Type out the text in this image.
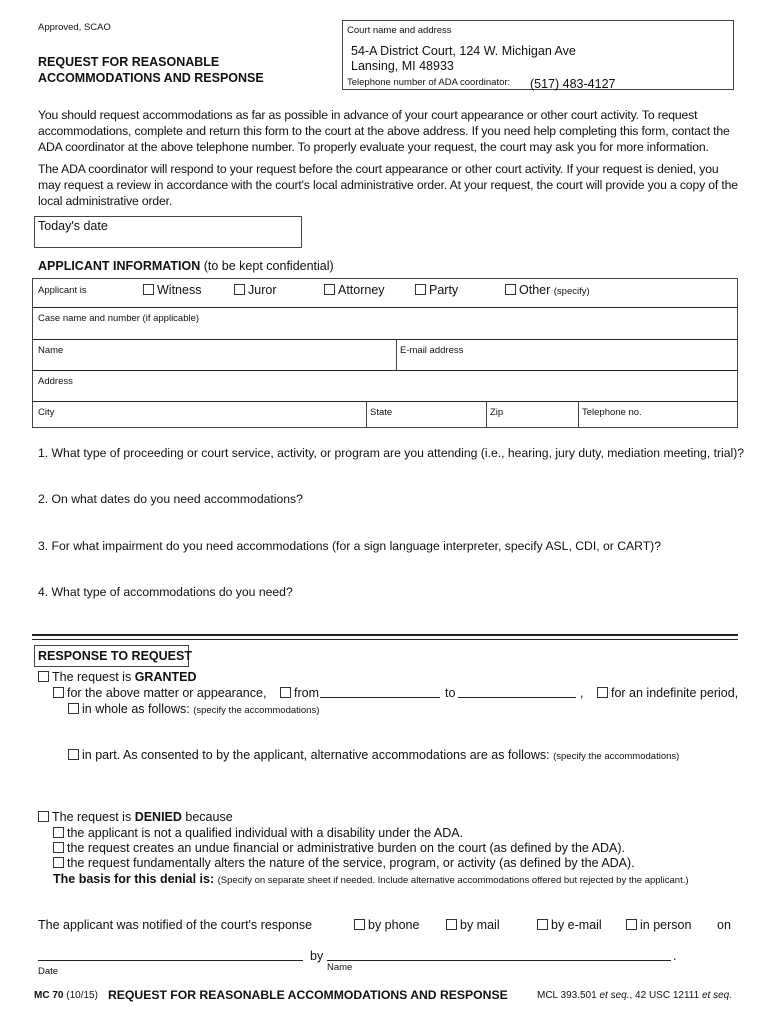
Approved, SCAO
REQUEST FOR REASONABLE
ACCOMMODATIONS AND RESPONSE
Court name and address
54-A District Court, 124 W. Michigan Ave
Lansing, MI 48933
Telephone number of ADA coordinator: (517) 483-4127
You should request accommodations as far as possible in advance of your court appearance or other court activity. To request accommodations, complete and return this form to the court at the above address. If you need help completing this form, contact the ADA coordinator at the above telephone number. To properly evaluate your request, the court may ask you for more information.
The ADA coordinator will respond to your request before the court appearance or other court activity. If your request is denied, you may request a review in accordance with the court's local administrative order. At your request, the court will provide you a copy of the local administrative order.
Today's date
APPLICANT INFORMATION (to be kept confidential)
Applicant is	Witness	Juror	Attorney	Party	Other (specify)
Case name and number (if applicable)
Name	E-mail address
Address
City	State	Zip	Telephone no.
1. What type of proceeding or court service, activity, or program are you attending (i.e., hearing, jury duty, mediation meeting, trial)?
2. On what dates do you need accommodations?
3. For what impairment do you need accommodations (for a sign language interpreter, specify ASL, CDI, or CART)?
4. What type of accommodations do you need?
RESPONSE TO REQUEST
The request is GRANTED
for the above matter or appearance,	from	to	,	for an indefinite period,
in whole as follows: (specify the accommodations)
in part. As consented to by the applicant, alternative accommodations are as follows: (specify the accommodations)
The request is DENIED because
the applicant is not a qualified individual with a disability under the ADA.
the request creates an undue financial or administrative burden on the court (as defined by the ADA).
the request fundamentally alters the nature of the service, program, or activity (as defined by the ADA).
The basis for this denial is: (Specify on separate sheet if needed. Include alternative accommodations offered but rejected by the applicant.)
The applicant was notified of the court's response	by phone	by mail	by e-mail	in person on
by	.
Date	Name
MC 70 (10/15) REQUEST FOR REASONABLE ACCOMMODATIONS AND RESPONSE	MCL 393.501 et seq., 42 USC 12111 et seq.
